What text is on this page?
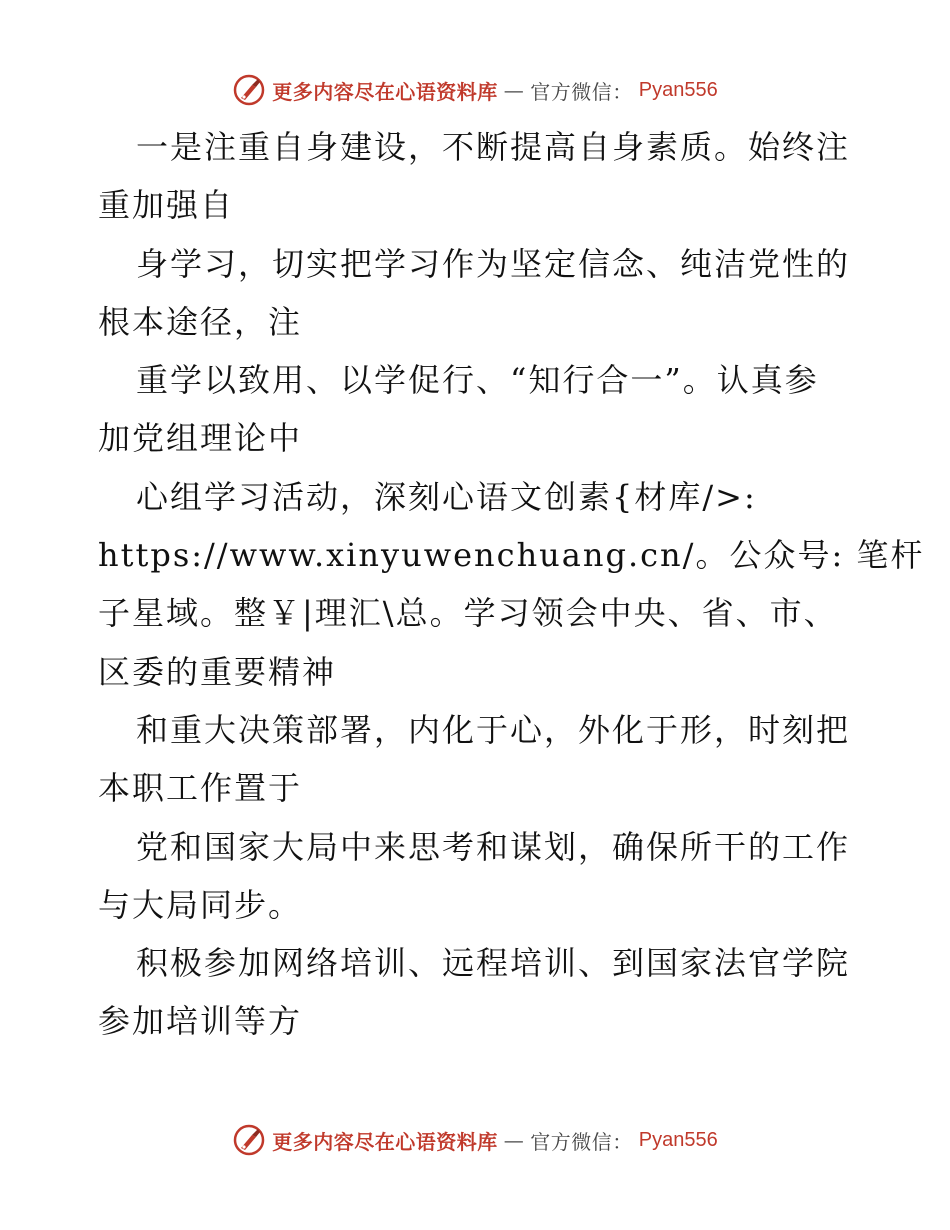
更多内容尽在心语资料库 — 官方微信： Pyan556
一是注重自身建设，不断提高自身素质。始终注
重加强自
身学习，切实把学习作为坚定信念、纯洁党性的
根本途径，注
重学以致用、以学促行、“知行合一”。认真参
加党组理论中
心组学习活动，深刻心语文创素{材库/>:
https://www.xinyuwenchuang.cn/。公众号: 笔杆
子星域。整￥|理汇\总。学习领会中央、省、市、
区委的重要精神
和重大决策部署，内化于心，外化于形，时刻把
本职工作置于
党和国家大局中来思考和谋划，确保所干的工作
与大局同步。
积极参加网络培训、远程培训、到国家法官学院
参加培训等方
更多内容尽在心语资料库 — 官方微信： Pyan556
